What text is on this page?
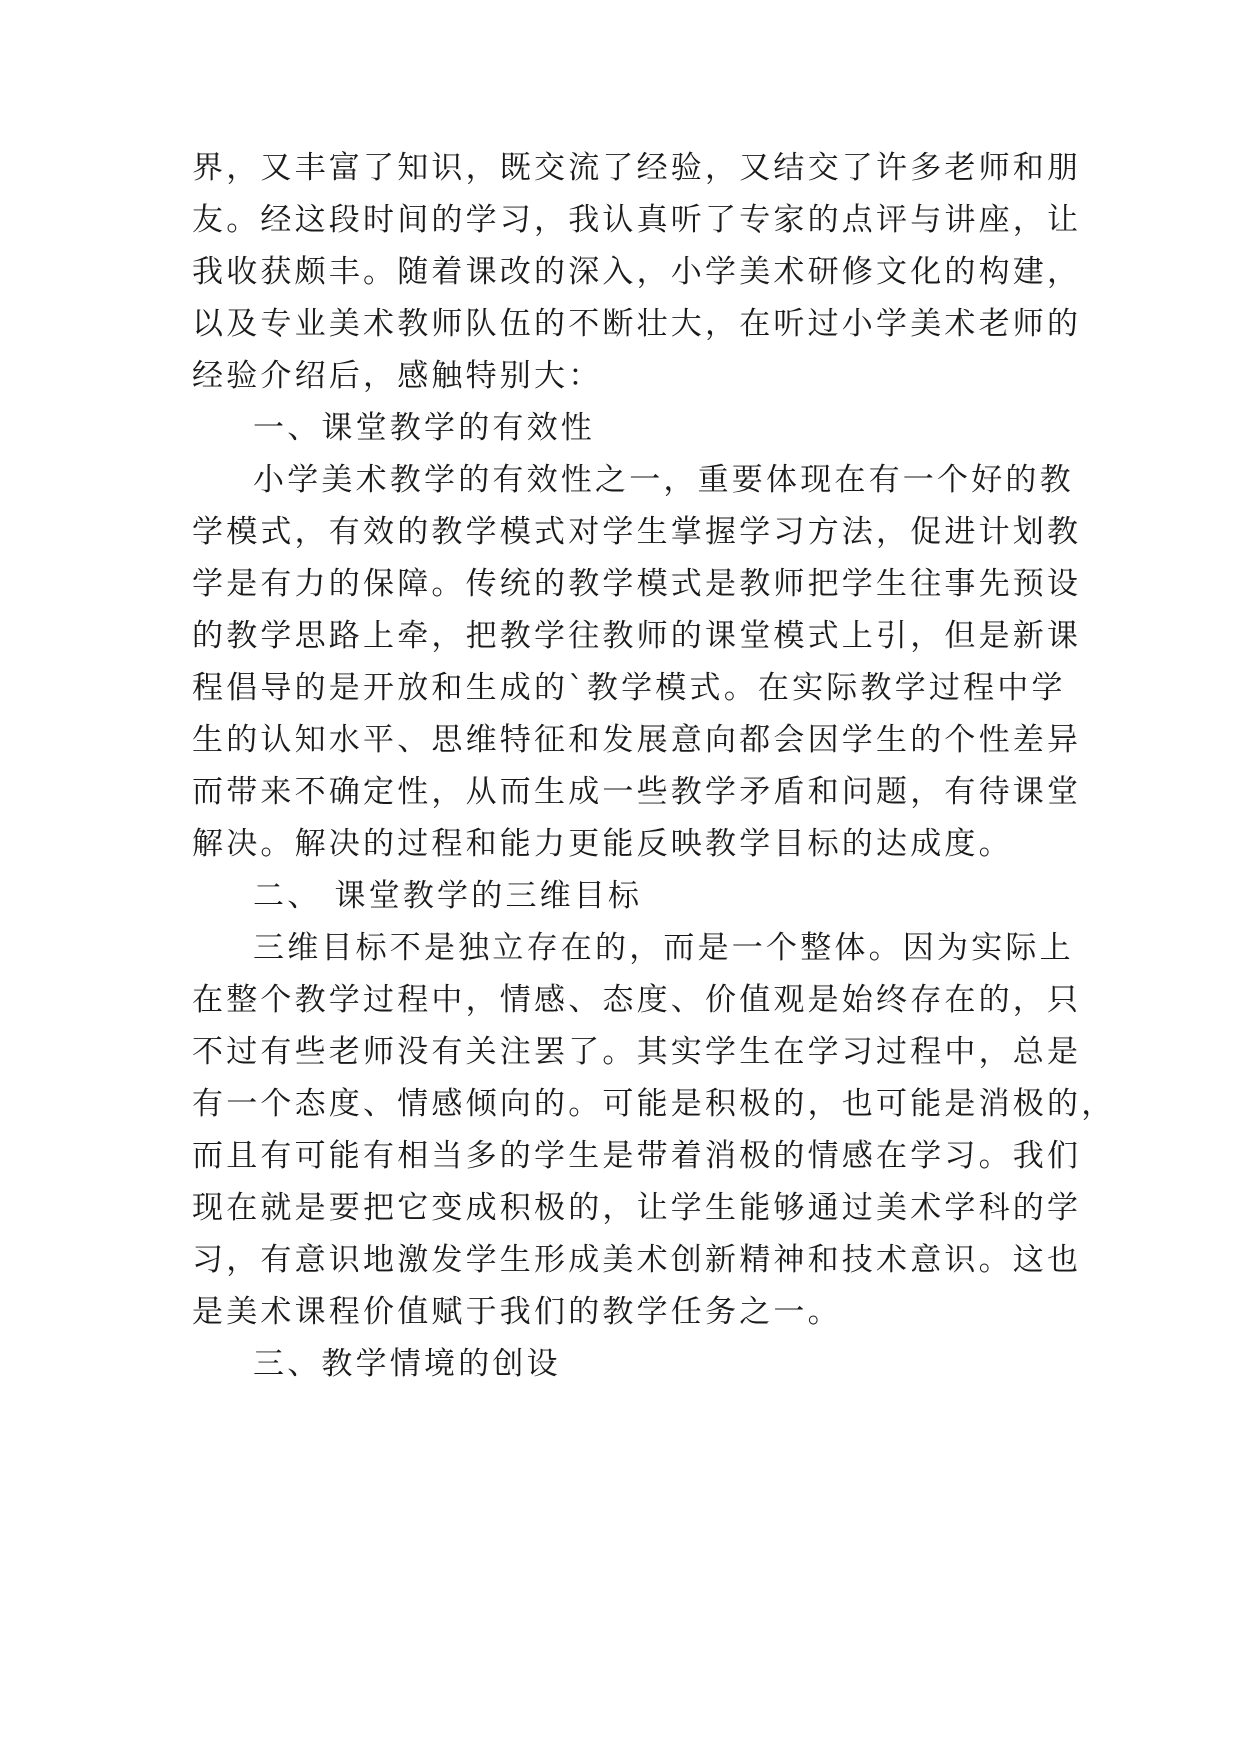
界，又丰富了知识，既交流了经验，又结交了许多老师和朋
友。经这段时间的学习，我认真听了专家的点评与讲座，让
我收获颇丰。随着课改的深入，小学美术研修文化的构建，
以及专业美术教师队伍的不断壮大，在听过小学美术老师的
经验介绍后，感触特别大：
一、课堂教学的有效性
小学美术教学的有效性之一，重要体现在有一个好的教
学模式，有效的教学模式对学生掌握学习方法，促进计划教
学是有力的保障。传统的教学模式是教师把学生往事先预设
的教学思路上牵，把教学往教师的课堂模式上引，但是新课
程倡导的是开放和生成的`教学模式。在实际教学过程中学
生的认知水平、思维特征和发展意向都会因学生的个性差异
而带来不确定性，从而生成一些教学矛盾和问题，有待课堂
解决。解决的过程和能力更能反映教学目标的达成度。
二、 课堂教学的三维目标
三维目标不是独立存在的，而是一个整体。因为实际上
在整个教学过程中，情感、态度、价值观是始终存在的，只
不过有些老师没有关注罢了。其实学生在学习过程中，总是
有一个态度、情感倾向的。可能是积极的，也可能是消极的，
而且有可能有相当多的学生是带着消极的情感在学习。我们
现在就是要把它变成积极的，让学生能够通过美术学科的学
习，有意识地激发学生形成美术创新精神和技术意识。这也
是美术课程价值赋于我们的教学任务之一。
三、教学情境的创设
